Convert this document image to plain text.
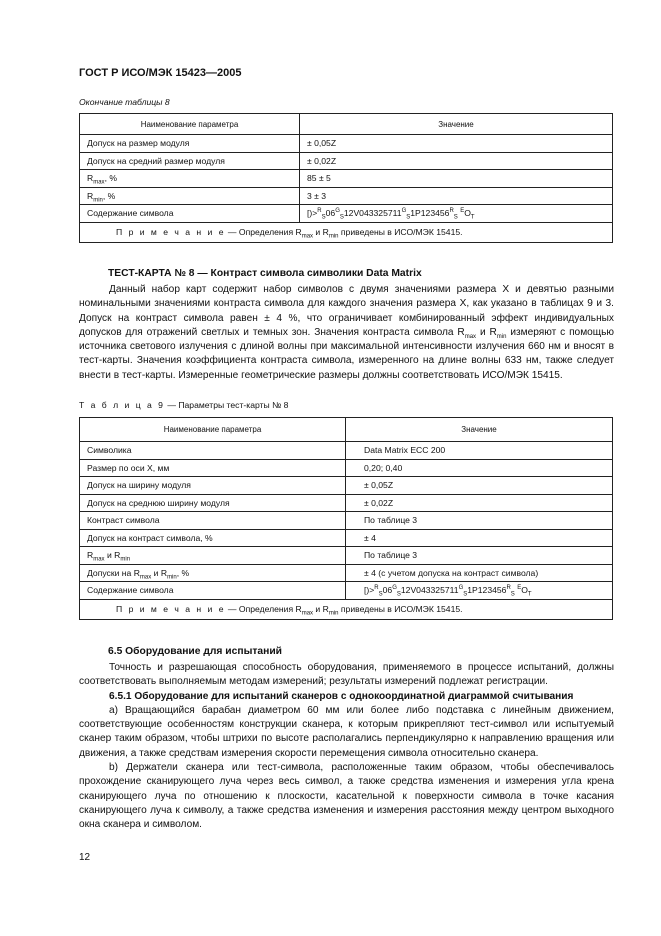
ГОСТ Р ИСО/МЭК 15423—2005
Окончание таблицы 8
Наименование параметра	Значение
Допуск на размер модуля	± 0,05Z
Допуск на средний размер модуля	± 0,02Z
$R_{max}$, %	85 ± 5
$R_{min}$, %	3 ± 3
Содержание символа	$[)>^R_S06^G_S12V043325711^G_S1P123456^R_S$ $^EO_T$
П р и м е ч а н и е — Определения $R_{max}$ и $R_{min}$ приведены в ИСО/МЭК 15415.	
ТЕСТ-КАРТА № 8 — Контраст символа символики Data Matrix

Данный набор карт содержит набор символов с двумя значениями размера X и девятью разными номинальными значениями контраста символа для каждого значения размера X, как указано в таблицах 9 и 3. Допуск на контраст символа равен ± 4 %, что ограничивает комбинированный эффект индивидуальных допусков для отражений светлых и темных зон. Значения контраста символа $R_{max}$ и $R_{min}$ измеряют с помощью источника светового излучения с длиной волны при максимальной интенсивности излучения 660 нм и вносят в тест-карты. Значения коэффициента контраста символа, измеренного на длине волны 633 нм, также следует внести в тест-карты. Измеренные геометрические размеры должны соответствовать ИСО/МЭК 15415.

Т а б л и ц а 9 — Параметры тест-карты № 8
Наименование параметра	Значение
Символика	Data Matrix ECC 200
Размер по оси X, мм	0,20; 0,40
Допуск на ширину модуля	± 0,05Z
Допуск на среднюю ширину модуля	± 0,02Z
Контраст символа	По таблице 3
Допуск на контраст символа, %	± 4
$R_{max}$ и $R_{min}$	По таблице 3
Допуски на $R_{max}$ и $R_{min}$, %	± 4 (с учетом допуска на контраст символа)
Содержание символа	$[)>^R_S06^G_S12V043325711^G_S1P123456^R_S$ $^EO_T$
П р и м е ч а н и е — Определения $R_{max}$ и $R_{min}$ приведены в ИСО/МЭК 15415.	
6.5 Оборудование для испытаний

Точность и разрешающая способность оборудования, применяемого в процессе испытаний, должны соответствовать выполняемым методам измерений; результаты измерений подлежат регистрации.

6.5.1 Оборудование для испытаний сканеров с однокоординатной диаграммой считывания

а) Вращающийся барабан диаметром 60 мм или более либо подставка с линейным движением, соответствующие особенностям конструкции сканера, к которым прикрепляют тест-символ или испытуемый сканер таким образом, чтобы штрихи по высоте располагались перпендикулярно к направлению вращения или движения, а также средствам измерения скорости перемещения символа относительно сканера.

b) Держатели сканера или тест-символа, расположенные таким образом, чтобы обеспечивалось прохождение сканирующего луча через весь символ, а также средства изменения и измерения угла крена сканирующего луча по отношению к плоскости, касательной к поверхности символа в точке касания сканирующего луча к символу, а также средства изменения и измерения расстояния между центром выходного окна сканера и символом.

12
